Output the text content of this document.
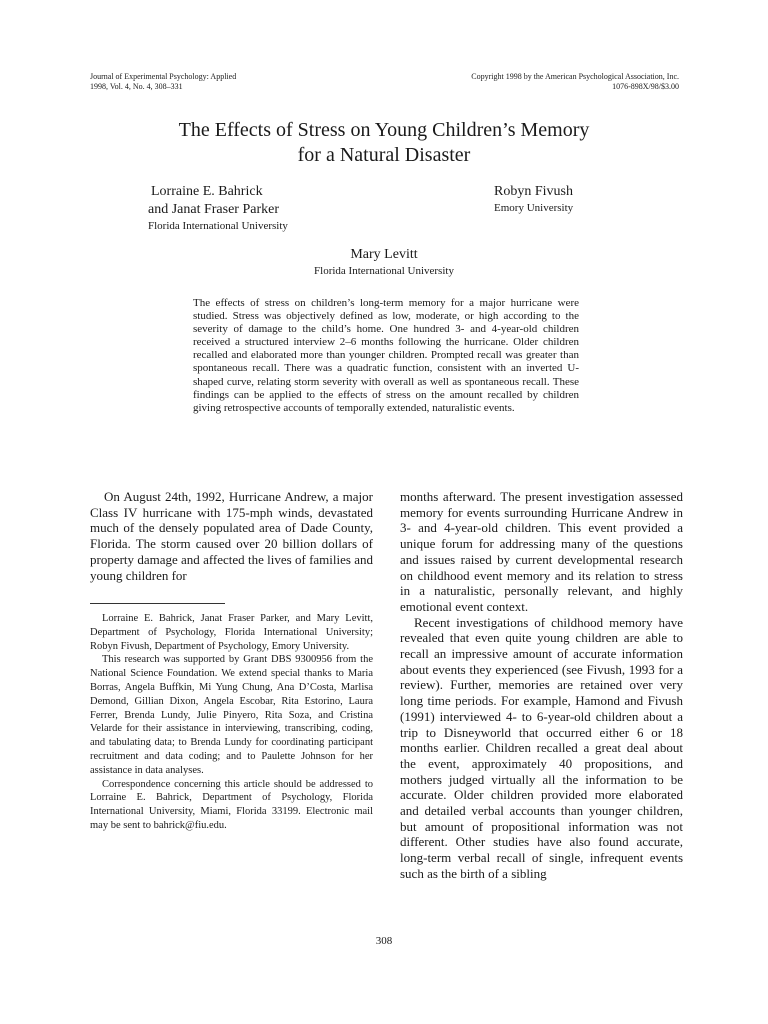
Journal of Experimental Psychology: Applied
1998, Vol. 4, No. 4, 308–331
Copyright 1998 by the American Psychological Association, Inc.
1076-898X/98/$3.00
The Effects of Stress on Young Children’s Memory
for a Natural Disaster
Lorraine E. Bahrick
and Janat Fraser Parker
Florida International University
Robyn Fivush
Emory University
Mary Levitt
Florida International University
The effects of stress on children’s long-term memory for a major hurricane were studied. Stress was objectively defined as low, moderate, or high according to the severity of damage to the child’s home. One hundred 3- and 4-year-old children received a structured interview 2–6 months following the hurricane. Older children recalled and elaborated more than younger children. Prompted recall was greater than spontaneous recall. There was a quadratic function, consistent with an inverted U-shaped curve, relating storm severity with overall as well as spontaneous recall. These findings can be applied to the effects of stress on the amount recalled by children giving retrospective accounts of temporally extended, naturalistic events.

On August 24th, 1992, Hurricane Andrew, a major Class IV hurricane with 175-mph winds, devastated much of the densely populated area of Dade County, Florida. The storm caused over 20 billion dollars of property damage and affected the lives of families and young children for

Lorraine E. Bahrick, Janat Fraser Parker, and Mary Levitt, Department of Psychology, Florida International University; Robyn Fivush, Department of Psychology, Emory University.

This research was supported by Grant DBS 9300956 from the National Science Foundation. We extend special thanks to Maria Borras, Angela Buffkin, Mi Yung Chung, Ana D’Costa, Marlisa Demond, Gillian Dixon, Angela Escobar, Rita Estorino, Laura Ferrer, Brenda Lundy, Julie Pinyero, Rita Soza, and Cristina Velarde for their assistance in interviewing, transcribing, coding, and tabulating data; to Brenda Lundy for coordinating participant recruitment and data coding; and to Paulette Johnson for her assistance in data analyses.

Correspondence concerning this article should be addressed to Lorraine E. Bahrick, Department of Psychology, Florida International University, Miami, Florida 33199. Electronic mail may be sent to bahrick@fiu.edu.

months afterward. The present investigation assessed memory for events surrounding Hurricane Andrew in 3- and 4-year-old children. This event provided a unique forum for addressing many of the questions and issues raised by current developmental research on childhood event memory and its relation to stress in a naturalistic, personally relevant, and highly emotional event context.

Recent investigations of childhood memory have revealed that even quite young children are able to recall an impressive amount of accurate information about events they experienced (see Fivush, 1993 for a review). Further, memories are retained over very long time periods. For example, Hamond and Fivush (1991) interviewed 4- to 6-year-old children about a trip to Disneyworld that occurred either 6 or 18 months earlier. Children recalled a great deal about the event, approximately 40 propositions, and mothers judged virtually all the information to be accurate. Older children provided more elaborated and detailed verbal accounts than younger children, but amount of propositional information was not different. Other studies have also found accurate, long-term verbal recall of single, infrequent events such as the birth of a sibling

308
